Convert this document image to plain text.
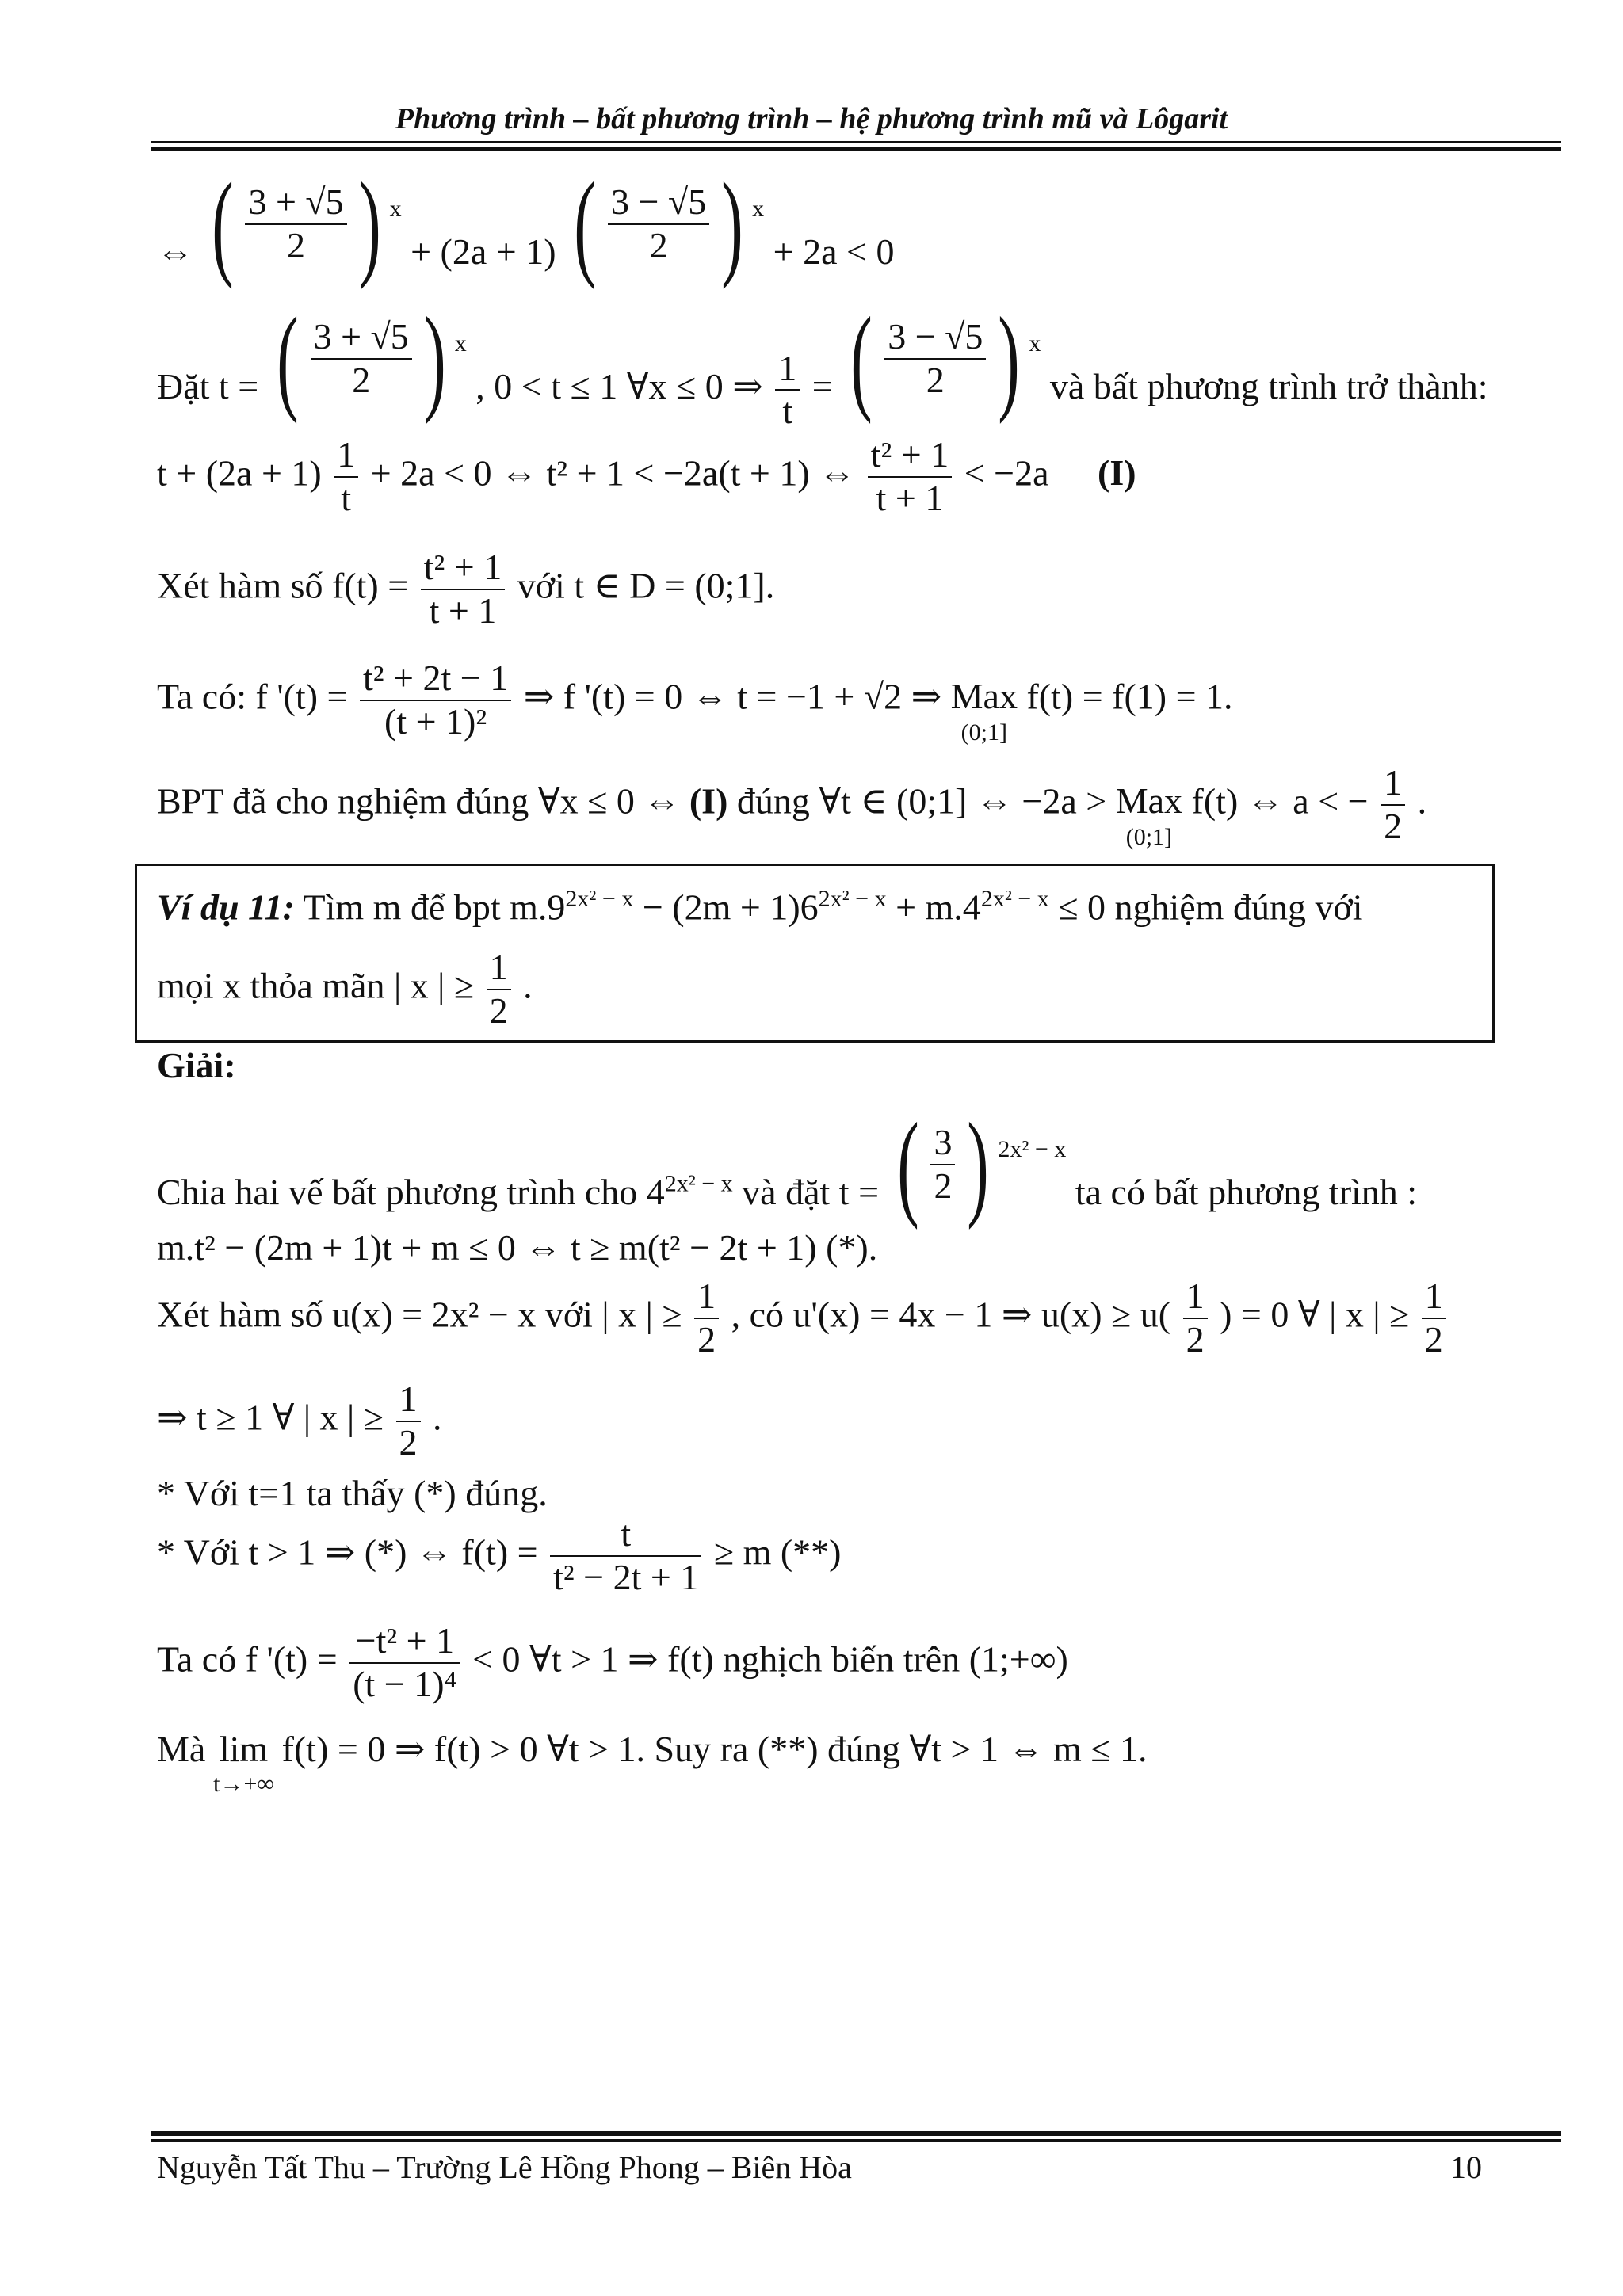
Phương trình – bất phương trình – hệ phương trình mũ và Lôgarit
⇔ ( $\frac{3 + √5}{2}$ ) $^x$ + (2a + 1) ( $\frac{3 - √5}{2}$ ) $^x$ + 2a < 0
Đặt t = ( $\frac{3 + √5}{2}$ ) $^x$ , 0 < t ≤ 1 ∀x ≤ 0 ⇒ $\frac{1}{t}$ = ( $\frac{3 - √5}{2}$ ) $^x$ và bất phương trình trở thành:
$t + (2a + 1) \frac{1}{t} + 2a < 0$ ⇔ t² + 1 < −2a(t + 1) ⇔ $\frac{\text{t² + 1}}{t + 1} < -2a$ (I)
Xét hàm số $f(t) = \frac{\text{t² + 1}}{t + 1}$ với t ∈ D = (0;1].
Ta có: f '$(t) = \frac{\text{t² + 2t − 1}}{\text{(t + 1)²}}$ ⇒ f '(t) = 0 ⇔ t = −1 + √2 ⇒ Max
(0;1]
f(t) = f(1) = 1.
BPT đã cho nghiệm đúng ∀x ≤ 0 ⇔ (I) đúng ∀t ∈ (0;1] ⇔ −2a > Max
(0;1]
f(t) ⇔ a < − $\frac{1}{2}$ .
Ví dụ 11: Tìm m để bpt $m.9^{2x^2 - x} - (2m + 1)6^{2x^2 - x} + m.4^{2x^2 - x} \le 0$ nghiệm đúng với
mọi x thỏa mãn | x | ≥ $\frac{1}{2}$ .
Giải:
Chia hai vế bất phương trình cho $4^{2x^2 - x}$ và đặt t = ( $\frac{3}{2}$ ) $^{2x^2 - x}$ ta có bất phương trình :
m.t² − (2m + 1)t + m ≤ 0 ⇔ t ≥ m(t² − 2t + 1) (*).
Xét hàm số u(x) = 2x² − x với | x | ≥ $\frac{1}{2}$ , có u'(x) = 4x − 1 ⇒ $u(x) \ge u( \frac{1}{2}$ ) = 0 ∀ | x | ≥ $\frac{1}{2}$
⇒ t ≥ 1 ∀ | x | ≥ $\frac{1}{2}$ .
* Với t=1 ta thấy (*) đúng.
* Với t > 1 ⇒ (*) ⇔ $f(t) = \frac{t}{\text{t² − 2t + 1}} \ge m$ (**)
Ta có f '$(t) = \frac{\text{−t² + 1}}{\text{(t − 1)⁴}} < 0$ ∀t > 1 ⇒ f(t) nghịch biến trên (1;+∞)
Mà lim
t→+∞
f(t) = 0 ⇒ f(t) > 0 ∀t > 1. Suy ra (**) đúng ∀t > 1 ⇔ m ≤ 1.
Nguyễn Tất Thu – Trường Lê Hồng Phong – Biên Hòa	10
